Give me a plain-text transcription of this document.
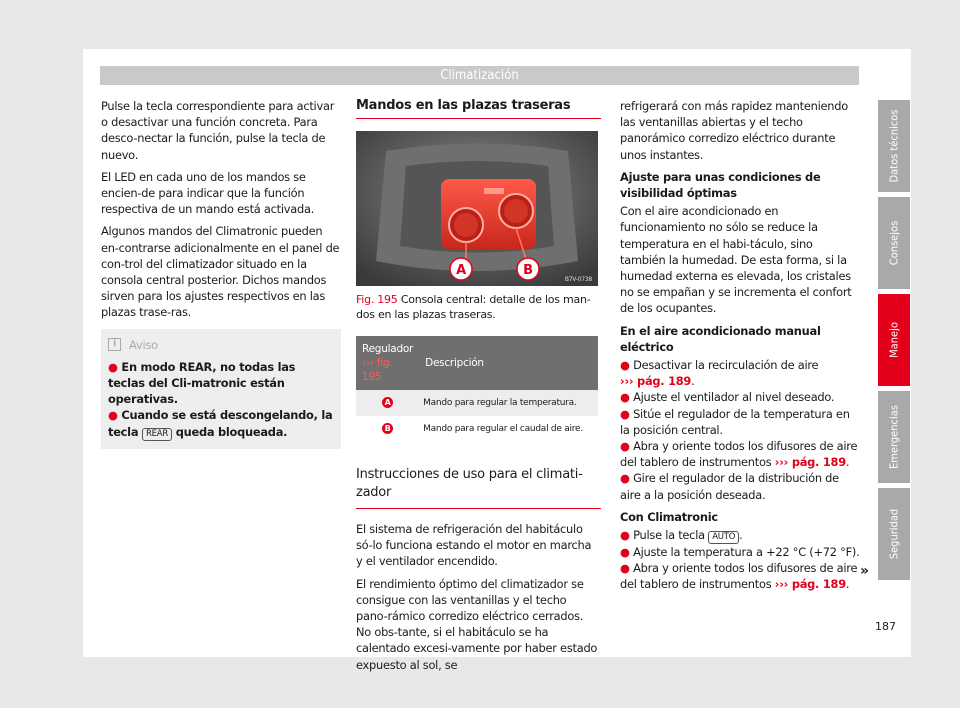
Climatización

Pulse la tecla correspondiente para activar o desactivar una función concreta. Para desco-nectar la función, pulse la tecla de nuevo.

El LED en cada uno de los mandos se encien-de para indicar que la función respectiva de un mando está activada.

Algunos mandos del Climatronic pueden en-contrarse adicionalmente en el panel de con-trol del climatizador situado en la consola central posterior. Dichos mandos sirven para los ajustes respectivos en las plazas trase-ras.

i	Aviso
● En modo REAR, no todas las teclas del Cli-matronic están operativas.
● Cuando se está descongelando, la tecla REAR queda bloqueada.
Mandos en las plazas traseras
A	B
B7V-0738
Fig. 195 Consola central: detalle de los man-dos en las plazas traseras.
Regulador
››› fig. 195	Descripción
A	Mando para regular la temperatura.
B	Mando para regular el caudal de aire.
Instrucciones de uso para el climati-zador

El sistema de refrigeración del habitáculo só-lo funciona estando el motor en marcha y el ventilador encendido.

El rendimiento óptimo del climatizador se consigue con las ventanillas y el techo pano-rámico corredizo eléctrico cerrados. No obs-tante, si el habitáculo se ha calentado excesi-vamente por haber estado expuesto al sol, se

refrigerará con más rapidez manteniendo las ventanillas abiertas y el techo panorámico corredizo eléctrico durante unos instantes.

Ajuste para unas condiciones de visibilidad óptimas

Con el aire acondicionado en funcionamiento no sólo se reduce la temperatura en el habi-táculo, sino también la humedad. De esta forma, si la humedad externa es elevada, los cristales no se empañan y se incrementa el confort de los ocupantes.

En el aire acondicionado manual eléctrico

● Desactivar la recirculación de aire
››› pág. 189.
● Ajuste el ventilador al nivel deseado.
● Sitúe el regulador de la temperatura en la posición central.
● Abra y oriente todos los difusores de aire del tablero de instrumentos ››› pág. 189.
● Gire el regulador de la distribución de aire a la posición deseada.

Con Climatronic

● Pulse la tecla AUTO .
● Ajuste la temperatura a +22 °C (+72 °F).
● Abra y oriente todos los difusores de aire del tablero de instrumentos ››› pág. 189.
»
Datos técnicos
Consejos
Manejo
Emergencias
Seguridad
187
